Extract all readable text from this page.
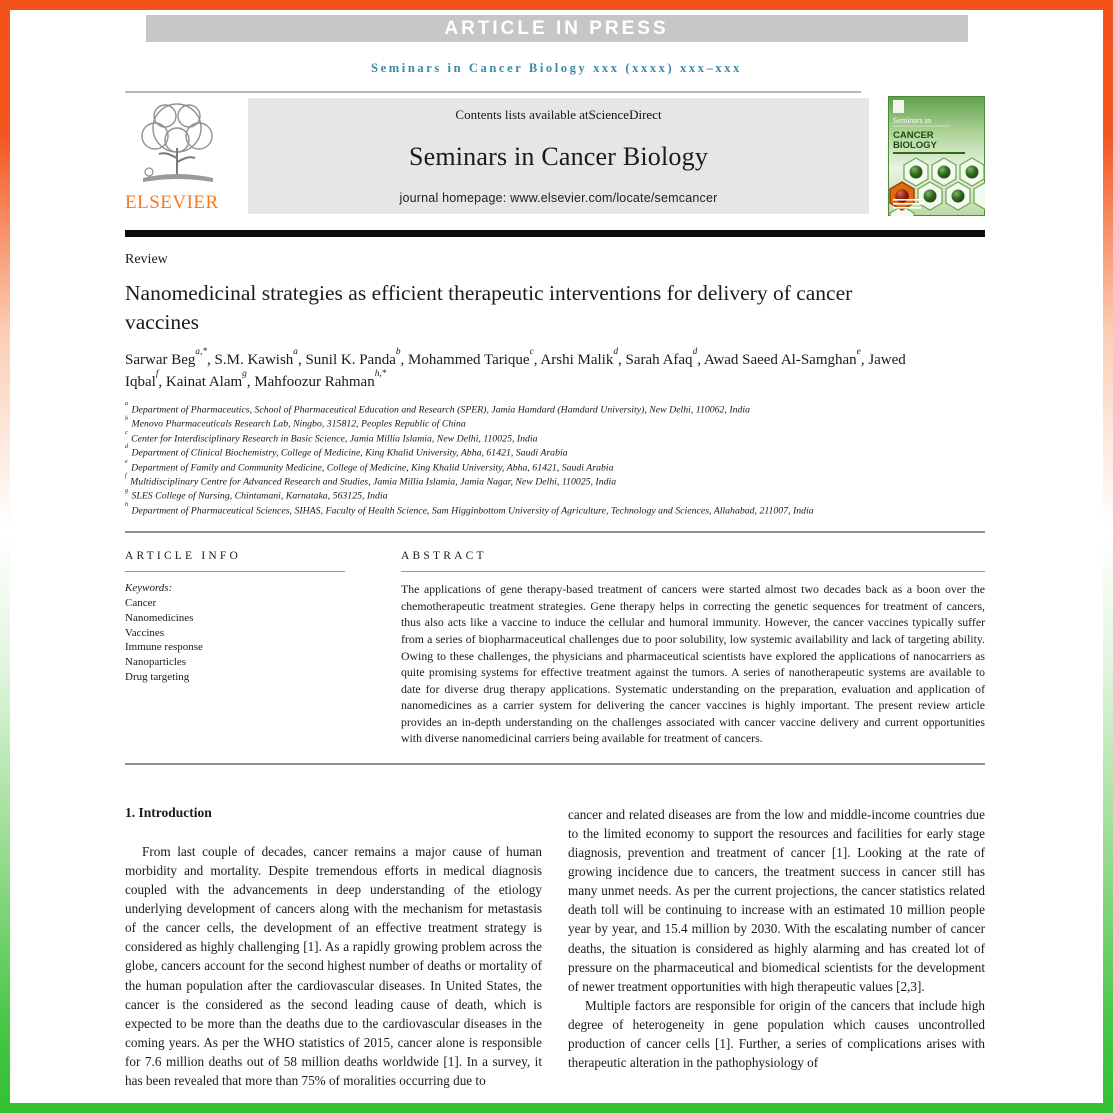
ARTICLE IN PRESS
Seminars in Cancer Biology xxx (xxxx) xxx–xxx
ELSEVIER
Contents lists available atScienceDirect
Seminars in Cancer Biology
journal homepage: www.elsevier.com/locate/semcancer
Seminars in
CANCER
BIOLOGY
Review
Nanomedicinal strategies as efficient therapeutic interventions for delivery of cancer vaccines
Sarwar Beg$^{a,*}$, S.M. Kawish$^a$, Sunil K. Panda$^b$, Mohammed Tarique$^c$, Arshi Malik$^d$, Sarah Afaq$^d$, Awad Saeed Al-Samghan$^e$, Jawed Iqbal$^f$, Kainat Alam$^g$, Mahfoozur Rahman$^{h,*}$
$^a$ Department of Pharmaceutics, School of Pharmaceutical Education and Research (SPER), Jamia Hamdard (Hamdard University), New Delhi, 110062, India
$^b$ Menovo Pharmaceuticals Research Lab, Ningbo, 315812, Peoples Republic of China
$^c$ Center for Interdisciplinary Research in Basic Science, Jamia Millia Islamia, New Delhi, 110025, India
$^d$ Department of Clinical Biochemistry, College of Medicine, King Khalid University, Abha, 61421, Saudi Arabia
$^e$ Department of Family and Community Medicine, College of Medicine, King Khalid University, Abha, 61421, Saudi Arabia
$^f$ Multidisciplinary Centre for Advanced Research and Studies, Jamia Millia Islamia, Jamia Nagar, New Delhi, 110025, India
$^g$ SLES College of Nursing, Chintamani, Karnataka, 563125, India
$^h$ Department of Pharmaceutical Sciences, SIHAS, Faculty of Health Science, Sam Higginbottom University of Agriculture, Technology and Sciences, Allahabad, 211007, India
ARTICLE INFO
Keywords:
Cancer
Nanomedicines
Vaccines
Immune response
Nanoparticles
Drug targeting
ABSTRACT
The applications of gene therapy-based treatment of cancers were started almost two decades back as a boon over the chemotherapeutic treatment strategies. Gene therapy helps in correcting the genetic sequences for treatment of cancers, thus also acts like a vaccine to induce the cellular and humoral immunity. However, the cancer vaccines typically suffer from a series of biopharmaceutical challenges due to poor solubility, low systemic availability and lack of targeting ability. Owing to these challenges, the physicians and pharmaceutical scientists have explored the applications of nanocarriers as quite promising systems for effective treatment against the tumors. A series of nanotherapeutic systems are available to date for diverse drug therapy applications. Systematic understanding on the preparation, evaluation and application of nanomedicines as a carrier system for delivering the cancer vaccines is highly important. The present review article provides an in-depth understanding on the challenges associated with cancer vaccine delivery and current opportunities with diverse nanomedicinal carriers being available for treatment of cancers.
1. Introduction

From last couple of decades, cancer remains a major cause of human morbidity and mortality. Despite tremendous efforts in medical diagnosis coupled with the advancements in deep understanding of the etiology underlying development of cancers along with the mechanism for metastasis of the cancer cells, the development of an effective treatment strategy is considered as highly challenging [1]. As a rapidly growing problem across the globe, cancers account for the second highest number of deaths or mortality of the human population after the cardiovascular diseases. In United States, the cancer is the considered as the second leading cause of death, which is expected to be more than the deaths due to the cardiovascular diseases in the coming years. As per the WHO statistics of 2015, cancer alone is responsible for 7.6 million deaths out of 58 million deaths worldwide [1]. In a survey, it has been revealed that more than 75% of moralities occurring due to

cancer and related diseases are from the low and middle-income countries due to the limited economy to support the resources and facilities for early stage diagnosis, prevention and treatment of cancer [1]. Looking at the rate of growing incidence due to cancers, the treatment success in cancer still has many unmet needs. As per the current projections, the cancer statistics related death toll will be continuing to increase with an estimated 10 million people year by year, and 15.4 million by 2030. With the escalating number of cancer deaths, the situation is considered as highly alarming and has created lot of pressure on the pharmaceutical and biomedical scientists for the development of newer treatment opportunities with high therapeutic values [2,3].

Multiple factors are responsible for origin of the cancers that include high degree of heterogeneity in gene population which causes uncontrolled production of cancer cells [1]. Further, a series of complications arises with therapeutic alteration in the pathophysiology of
